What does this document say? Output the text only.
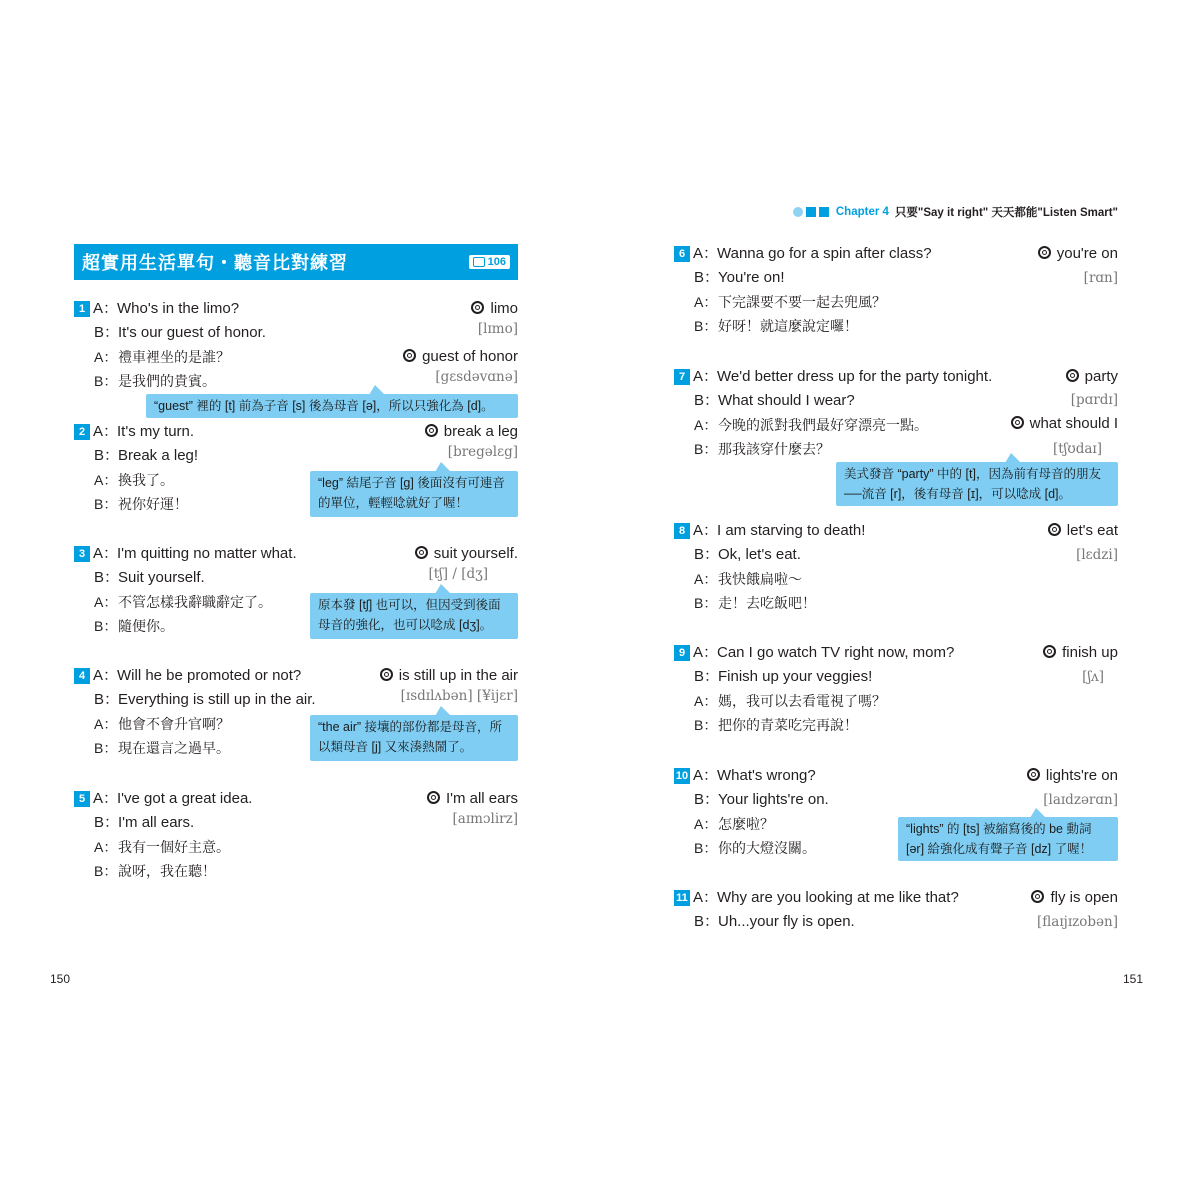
超實用生活單句・聽音比對練習	106
1 A：Who's in the limo?
B：It's our guest of honor.
A：禮車裡坐的是誰？
B：是我們的貴賓。
limo
[lɪmo]
guest of honor
[gɛsdəvɑnə]
“guest” 裡的 [t] 前為子音 [s] 後為母音 [ə]，所以只強化為 [d]。
2 A：It's my turn.
B：Break a leg!
A：換我了。
B：祝你好運！
break a leg
[bregəlɛg]
“leg” 結尾子音 [g] 後面沒有可連音的單位，輕輕唸就好了喔！
3 A：I'm quitting no matter what.
B：Suit yourself.
A：不管怎樣我辭職辭定了。
B：隨便你。
suit yourself.
[tʃ] / [dʒ]
原本發 [tʃ] 也可以，但因受到後面母音的強化，也可以唸成 [dʒ]。
4 A：Will he be promoted or not?
B：Everything is still up in the air.
A：他會不會升官啊？
B：現在還言之過早。
is still up in the air
[ɪsdɪlʌbən] [¥ijɛr]
“the air” 接壤的部份都是母音，所以類母音 [j] 又來湊熱鬧了。
5 A：I've got a great idea.
B：I'm all ears.
A：我有一個好主意。
B：說呀，我在聽！
I'm all ears
[aɪmɔlirz]
150
Chapter 4 只要"Say it right" 天天都能"Listen Smart"
6 A：Wanna go for a spin after class?
B：You're on!
A：下完課要不要一起去兜風？
B：好呀！就這麼說定囉！
you're on
[rɑn]
7 A：We'd better dress up for the party tonight.
B：What should I wear?
A：今晚的派對我們最好穿漂亮一點。
B：那我該穿什麼去？
party
[pɑrdɪ]
what should I
[tʃʊdaɪ]
美式發音 “party” 中的 [t]，因為前有母音的朋友──流音 [r]，後有母音 [ɪ]，可以唸成 [d]。
8 A：I am starving to death!
B：Ok, let's eat.
A：我快餓扁啦～
B：走！去吃飯吧！
let's eat
[lɛdzi]
9 A：Can I go watch TV right now, mom?
B：Finish up your veggies!
A：媽，我可以去看電視了嗎？
B：把你的青菜吃完再說！
finish up
[ʃʌ]
10 A：What's wrong?
B：Your lights're on.
A：怎麼啦？
B：你的大燈沒關。
lights're on
[laɪdzərɑn]
“lights” 的 [ts] 被縮寫後的 be 動詞 [ər] 給強化成有聲子音 [dz] 了喔！
11 A：Why are you looking at me like that?
B：Uh...your fly is open.
fly is open
[flaɪjɪzobən]
151
